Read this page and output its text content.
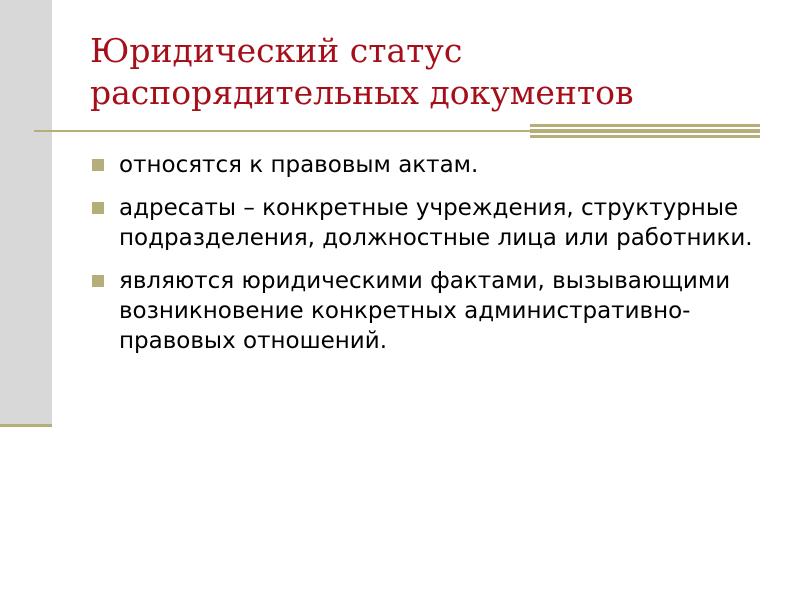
Юридический статус
распорядительных документов
относятся к правовым актам.
адресаты – конкретные учреждения, структурные подразделения, должностные лица или работники.
являются юридическими фактами, вызывающими возникновение конкретных административно-правовых отношений.
